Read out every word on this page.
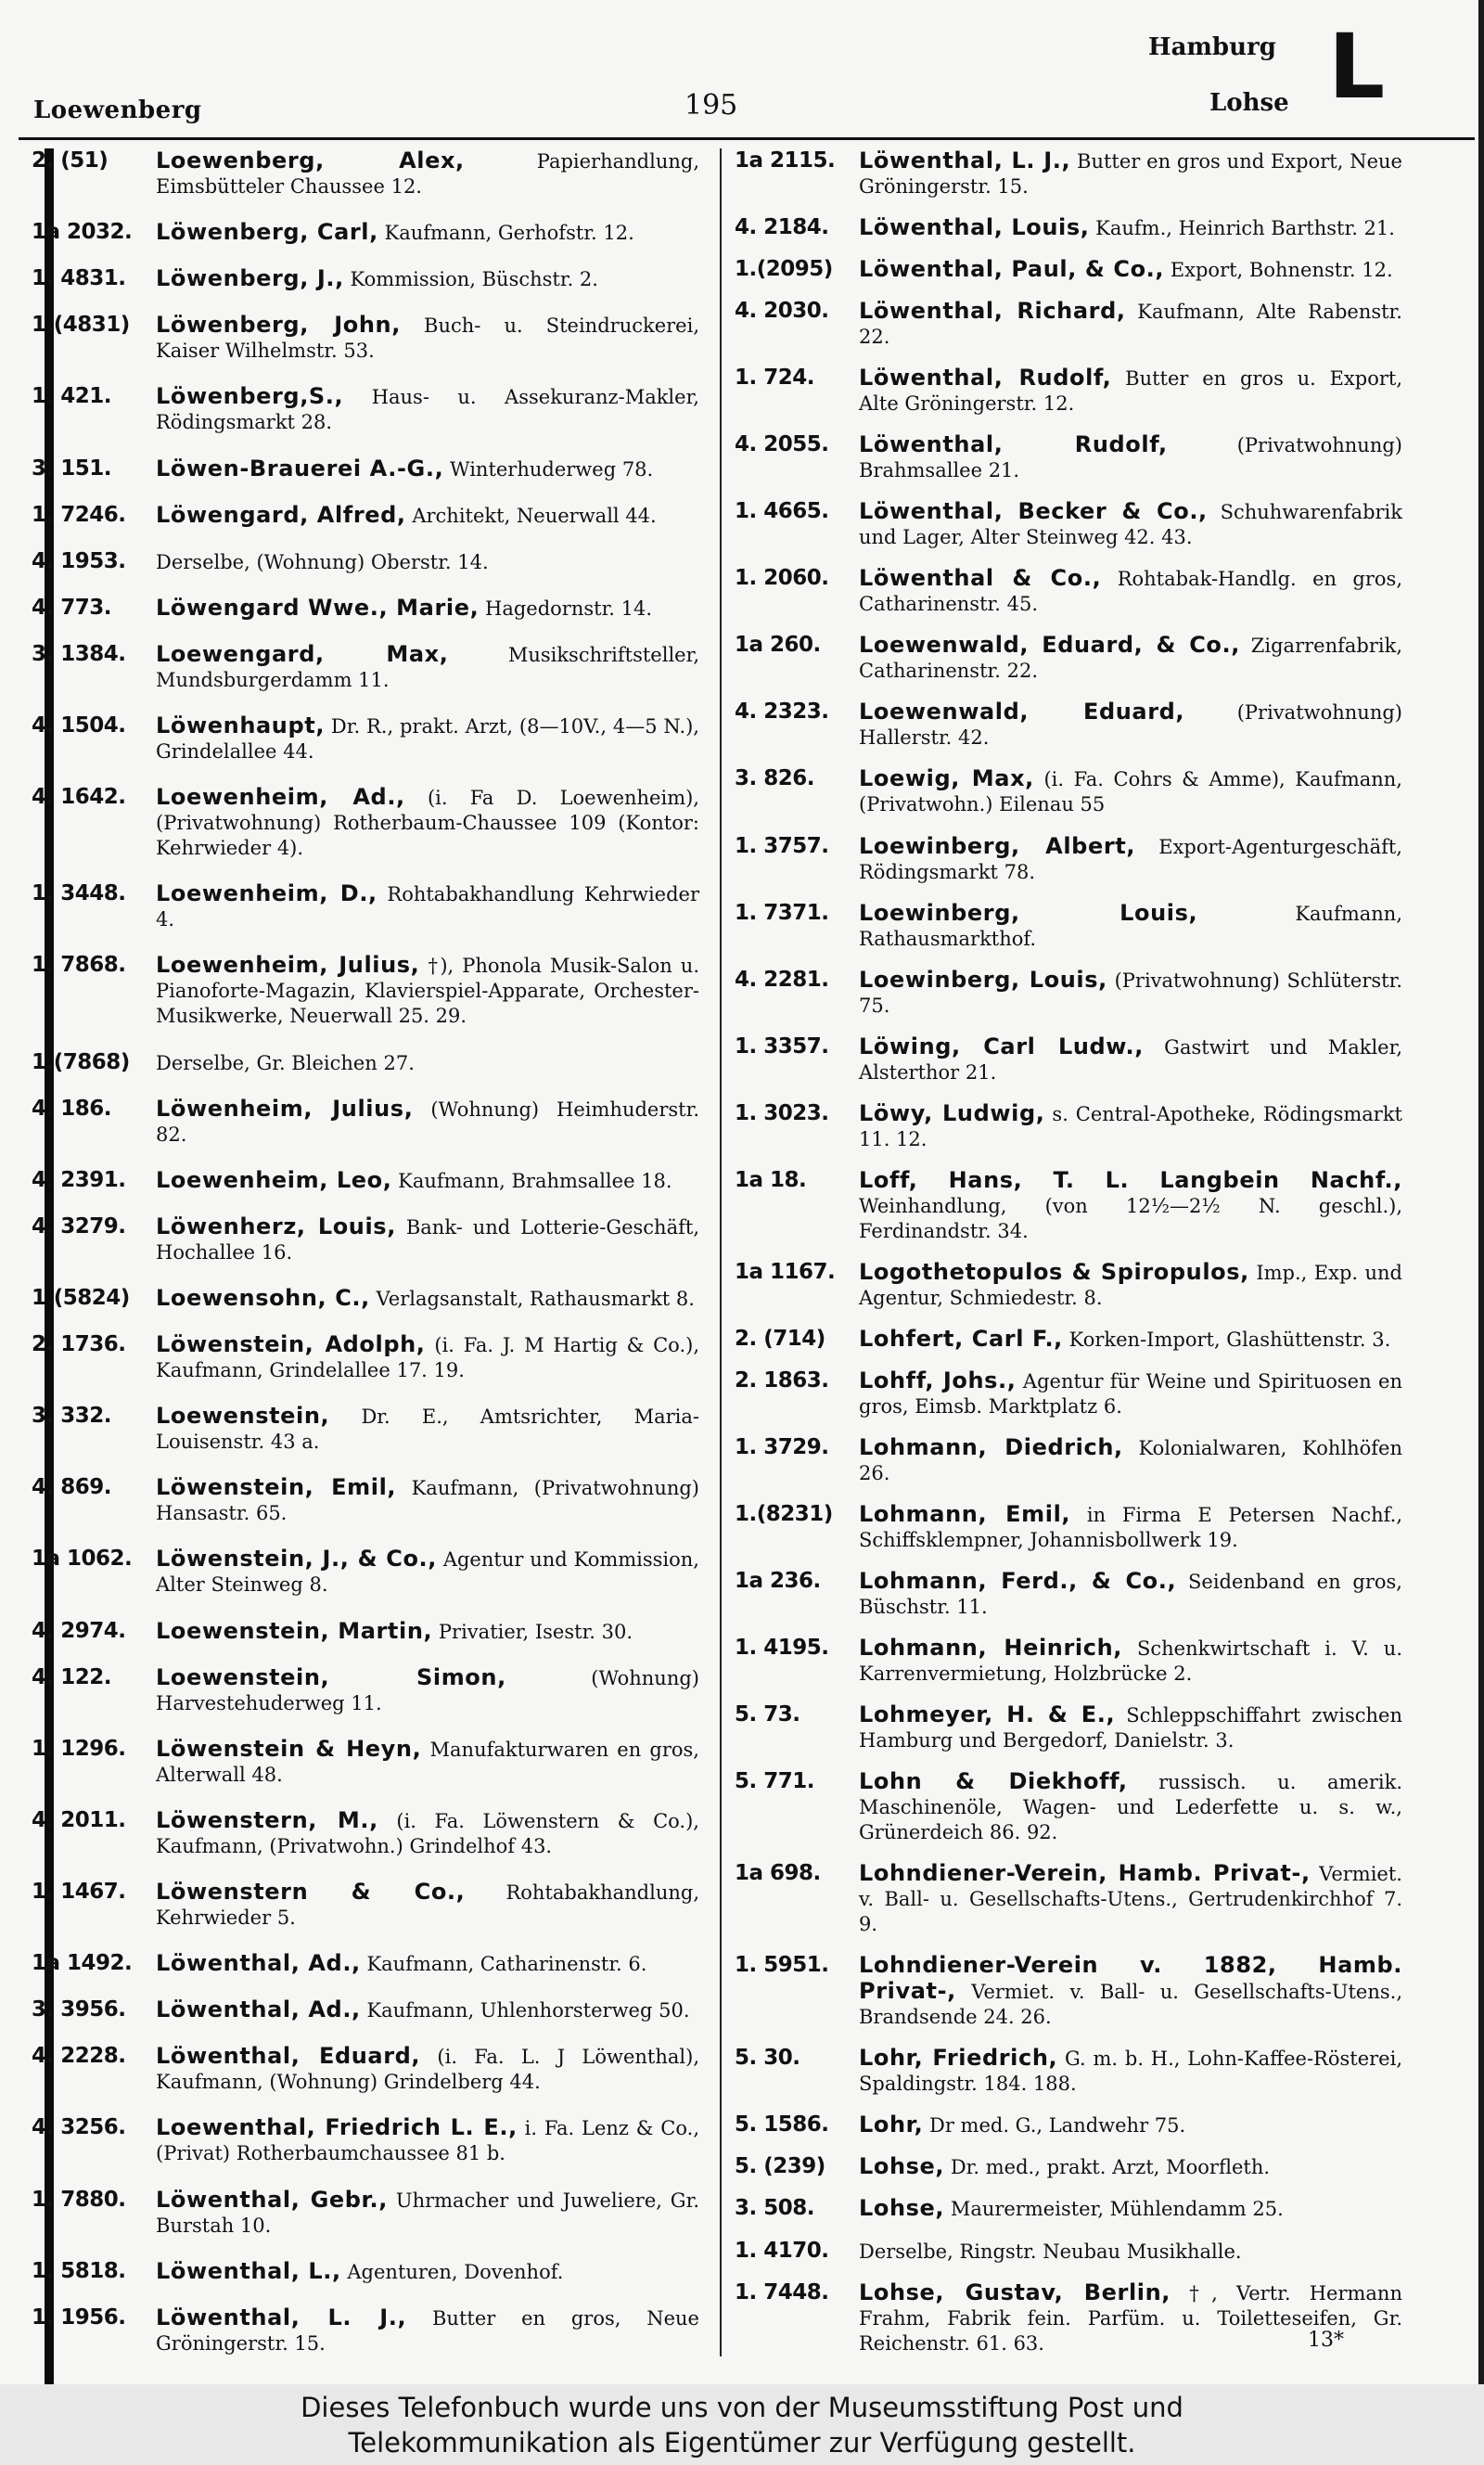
Loewenberg	195
Hamburg
Lohse L
2. (51)	Loewenberg, Alex,	Papierhandlung, Eimsbütteler Chaussee 12.
1a 2032.	Löwenberg, Carl, Kaufmann, Gerhofstr. 12.
1. 4831.	Löwenberg, J., Kommission, Büschstr. 2.
1.(4831)	Löwenberg, John, Buch- u. Steindruckerei, Kaiser Wilhelmstr. 53.
1. 421.	Löwenberg,S., Haus- u. Assekuranz-Makler, Rödingsmarkt 28.
3. 151.	Löwen-Brauerei A.-G., Winterhuderweg 78.
1. 7246.	Löwengard, Alfred, Architekt, Neuerwall 44.
4. 1953.	Derselbe, (Wohnung) Oberstr. 14.
4. 773.	Löwengard Wwe., Marie, Hagedornstr. 14.
3. 1384.	Loewengard, Max,	Musikschriftsteller, Mundsburgerdamm 11.
4. 1504.	Löwenhaupt, Dr. R., prakt. Arzt, (8—10V., 4—5 N.), Grindelallee 44.
4. 1642.	Loewenheim, Ad., (i. Fa D. Loewenheim), (Privatwohnung) Rotherbaum-Chaussee 109 (Kontor: Kehrwieder 4).
1. 3448.	Loewenheim, D., Rohtabakhandlung Kehrwieder 4.
1. 7868.	Loewenheim, Julius, †), Phonola Musik-Salon u. Pianoforte-Magazin, Klavierspiel-Apparate, Orchester-Musikwerke, Neuerwall 25. 29.
1.(7868)	Derselbe, Gr. Bleichen 27.
4. 186.	Löwenheim, Julius, (Wohnung) Heimhuderstr. 82.
4. 2391.	Loewenheim, Leo, Kaufmann, Brahmsallee 18.
4. 3279.	Löwenherz, Louis, Bank- und Lotterie-Geschäft, Hochallee 16.
1.(5824)	Loewensohn, C., Verlagsanstalt, Rathausmarkt 8.
2. 1736.	Löwenstein, Adolph, (i. Fa. J. M Hartig & Co.), Kaufmann, Grindelallee 17. 19.
3. 332.	Loewenstein, Dr. E., Amtsrichter, Maria-Louisenstr. 43 a.
4. 869.	Löwenstein, Emil, Kaufmann, (Privatwohnung) Hansastr. 65.
1a 1062.	Löwenstein, J., & Co., Agentur und Kommission, Alter Steinweg 8.
4. 2974.	Loewenstein, Martin, Privatier, Isestr. 30.
4. 122.	Loewenstein, Simon,	(Wohnung) Harvestehuderweg 11.
1. 1296.	Löwenstein & Heyn, Manufakturwaren en gros, Alterwall 48.
4. 2011.	Löwenstern, M., (i. Fa. Löwenstern & Co.), Kaufmann, (Privatwohn.) Grindelhof 43.
1. 1467.	Löwenstern & Co., Rohtabakhandlung, Kehrwieder 5.
1a 1492.	Löwenthal, Ad., Kaufmann, Catharinenstr. 6.
3. 3956.	Löwenthal, Ad., Kaufmann, Uhlenhorsterweg 50.
4. 2228.	Löwenthal, Eduard, (i. Fa. L. J Löwenthal), Kaufmann, (Wohnung) Grindelberg 44.
4. 3256.	Loewenthal, Friedrich L. E., i. Fa. Lenz & Co., (Privat) Rotherbaumchaussee 81 b.
1. 7880.	Löwenthal, Gebr., Uhrmacher und Juweliere, Gr. Burstah 10.
1. 5818.	Löwenthal, L., Agenturen, Dovenhof.
1. 1956.	Löwenthal, L. J., Butter en gros, Neue Gröningerstr. 15.
1a 2115.	Löwenthal, L. J., Butter en gros und Export, Neue Gröningerstr. 15.
4. 2184.	Löwenthal, Louis, Kaufm., Heinrich Barthstr. 21.
1.(2095)	Löwenthal, Paul, & Co., Export, Bohnenstr. 12.
4. 2030.	Löwenthal, Richard, Kaufmann, Alte Rabenstr. 22.
1. 724.	Löwenthal, Rudolf, Butter en gros u. Export, Alte Gröningerstr. 12.
4. 2055.	Löwenthal, Rudolf,	(Privatwohnung) Brahmsallee 21.
1. 4665.	Löwenthal, Becker & Co., Schuhwarenfabrik und Lager, Alter Steinweg 42. 43.
1. 2060.	Löwenthal & Co., Rohtabak-Handlg. en gros, Catharinenstr. 45.
1a 260.	Loewenwald, Eduard, & Co., Zigarrenfabrik, Catharinenstr. 22.
4. 2323.	Loewenwald, Eduard,	(Privatwohnung) Hallerstr. 42.
3. 826.	Loewig, Max, (i. Fa. Cohrs & Amme), Kaufmann, (Privatwohn.) Eilenau 55
1. 3757.	Loewinberg, Albert, Export-Agenturgeschäft, Rödingsmarkt 78.
1. 7371.	Loewinberg, Louis,	Kaufmann, Rathausmarkthof.
4. 2281.	Loewinberg, Louis, (Privatwohnung) Schlüterstr. 75.
1. 3357.	Löwing, Carl Ludw., Gastwirt und Makler, Alsterthor 21.
1. 3023.	Löwy, Ludwig, s. Central-Apotheke, Rödingsmarkt 11. 12.
1a 18.	Loff, Hans, T. L. Langbein Nachf., Weinhandlung, (von 12½—2½ N. geschl.), Ferdinandstr. 34.
1a 1167.	Logothetopulos & Spiropulos, Imp., Exp. und Agentur, Schmiedestr. 8.
2. (714)	Lohfert, Carl F., Korken-Import, Glashüttenstr. 3.
2. 1863.	Lohff, Johs., Agentur für Weine und Spirituosen en gros, Eimsb. Marktplatz 6.
1. 3729.	Lohmann, Diedrich, Kolonialwaren, Kohlhöfen 26.
1.(8231)	Lohmann, Emil, in Firma E Petersen Nachf., Schiffsklempner, Johannisbollwerk 19.
1a 236.	Lohmann, Ferd., & Co., Seidenband en gros, Büschstr. 11.
1. 4195.	Lohmann, Heinrich, Schenkwirtschaft i. V. u. Karrenvermietung, Holzbrücke 2.
5. 73.	Lohmeyer, H. & E., Schleppschiffahrt zwischen Hamburg und Bergedorf, Danielstr. 3.
5. 771.	Lohn & Diekhoff, russisch. u. amerik. Maschinenöle, Wagen- und Lederfette u. s. w., Grünerdeich 86. 92.
1a 698.	Lohndiener-Verein, Hamb. Privat-, Vermiet. v. Ball- u. Gesellschafts-Utens., Gertrudenkirchhof 7. 9.
1. 5951.	Lohndiener-Verein v. 1882, Hamb. Privat-, Vermiet. v. Ball- u. Gesellschafts-Utens., Brandsende 24. 26.
5. 30.	Lohr, Friedrich, G. m. b. H., Lohn-Kaffee-Rösterei, Spaldingstr. 184. 188.
5. 1586.	Lohr, Dr med. G., Landwehr 75.
5. (239)	Lohse, Dr. med., prakt. Arzt, Moorfleth.
3. 508.	Lohse, Maurermeister, Mühlendamm 25.
1. 4170.	Derselbe, Ringstr. Neubau Musikhalle.
1. 7448.	Lohse, Gustav, Berlin, †, Vertr. Hermann Frahm, Fabrik fein. Parfüm. u. Toiletteseifen, Gr. Reichenstr. 61. 63.	13*
Dieses Telefonbuch wurde uns von der Museumsstiftung Post und
Telekommunikation als Eigentümer zur Verfügung gestellt.
